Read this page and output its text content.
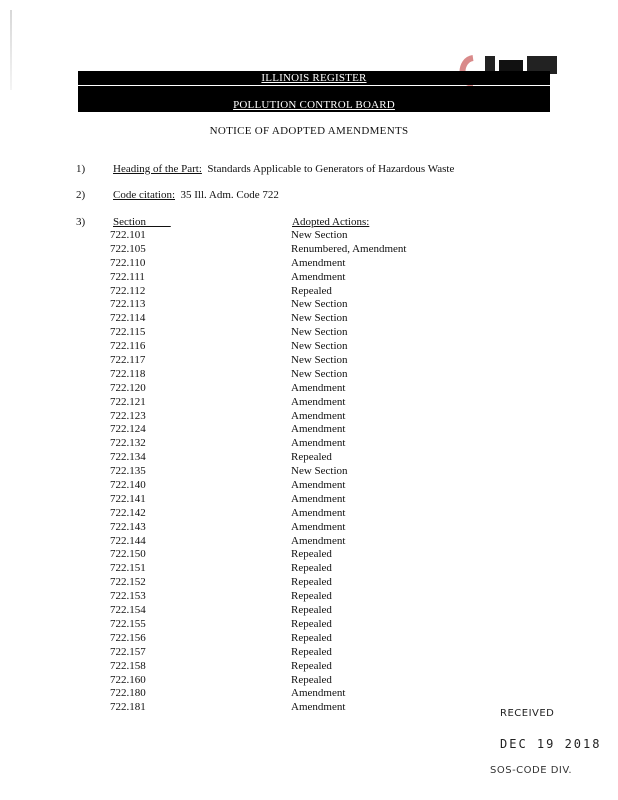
ILLINOIS REGISTER
POLLUTION CONTROL BOARD
NOTICE OF ADOPTED AMENDMENTS
1)	Heading of the Part: Standards Applicable to Generators of Hazardous Waste
2)	Code citation: 35 Ill. Adm. Code 722
3)	Section	Adopted Actions:
722.101	New Section
722.105	Renumbered, Amendment
722.110	Amendment
722.111	Amendment
722.112	Repealed
722.113	New Section
722.114	New Section
722.115	New Section
722.116	New Section
722.117	New Section
722.118	New Section
722.120	Amendment
722.121	Amendment
722.123	Amendment
722.124	Amendment
722.132	Amendment
722.134	Repealed
722.135	New Section
722.140	Amendment
722.141	Amendment
722.142	Amendment
722.143	Amendment
722.144	Amendment
722.150	Repealed
722.151	Repealed
722.152	Repealed
722.153	Repealed
722.154	Repealed
722.155	Repealed
722.156	Repealed
722.157	Repealed
722.158	Repealed
722.160	Repealed
722.180	Amendment
722.181	Amendment
RECEIVED
DEC 19 2018
SOS-CODE DIV.
